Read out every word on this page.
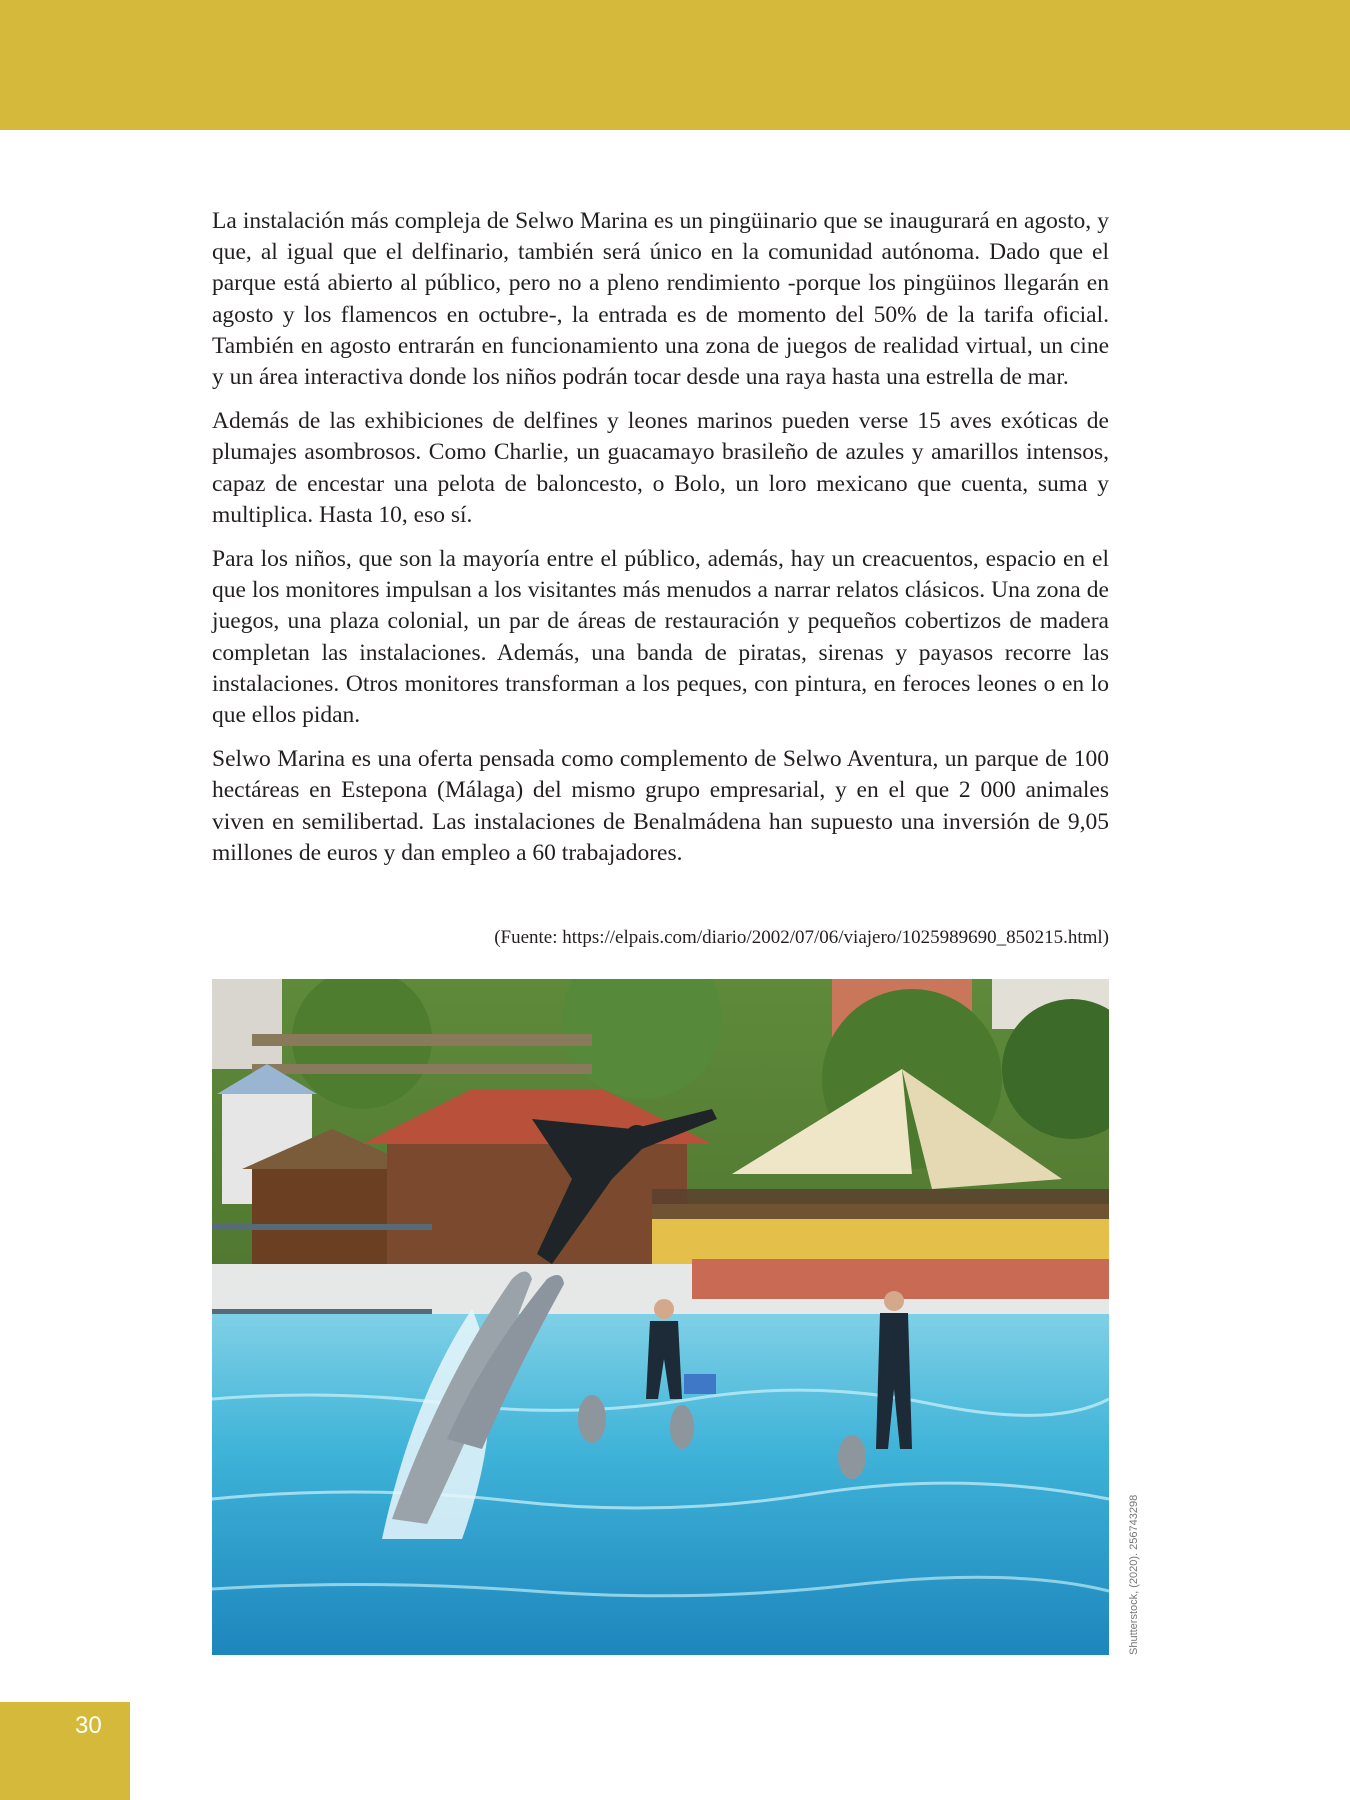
La instalación más compleja de Selwo Marina es un pingüinario que se inaugurará en agosto, y que, al igual que el delfinario, también será único en la comunidad autónoma. Dado que el parque está abierto al público, pero no a pleno rendimiento -porque los pingüinos llegarán en agosto y los flamencos en octubre-, la entrada es de momento del 50% de la tarifa oficial. También en agosto entrarán en funcionamiento una zona de juegos de realidad virtual, un cine y un área interactiva donde los niños podrán tocar desde una raya hasta una estrella de mar.

Además de las exhibiciones de delfines y leones marinos pueden verse 15 aves exóticas de plumajes asombrosos. Como Charlie, un guacamayo brasileño de azules y amarillos intensos, capaz de encestar una pelota de baloncesto, o Bolo, un loro mexicano que cuenta, suma y multiplica. Hasta 10, eso sí.

Para los niños, que son la mayoría entre el público, además, hay un creacuentos, espacio en el que los monitores impulsan a los visitantes más menudos a narrar relatos clásicos. Una zona de juegos, una plaza colonial, un par de áreas de restauración y pequeños cobertizos de madera completan las instalaciones. Además, una banda de piratas, sirenas y payasos recorre las instalaciones. Otros monitores transforman a los peques, con pintura, en feroces leones o en lo que ellos pidan.

Selwo Marina es una oferta pensada como complemento de Selwo Aventura, un parque de 100 hectáreas en Estepona (Málaga) del mismo grupo empresarial, y en el que 2 000 animales viven en semilibertad. Las instalaciones de Benalmádena han supuesto una inversión de 9,05 millones de euros y dan empleo a 60 trabajadores.

(Fuente: https://elpais.com/diario/2002/07/06/viajero/1025989690_850215.html)
Shutterstock, (2020). 256743298
30
